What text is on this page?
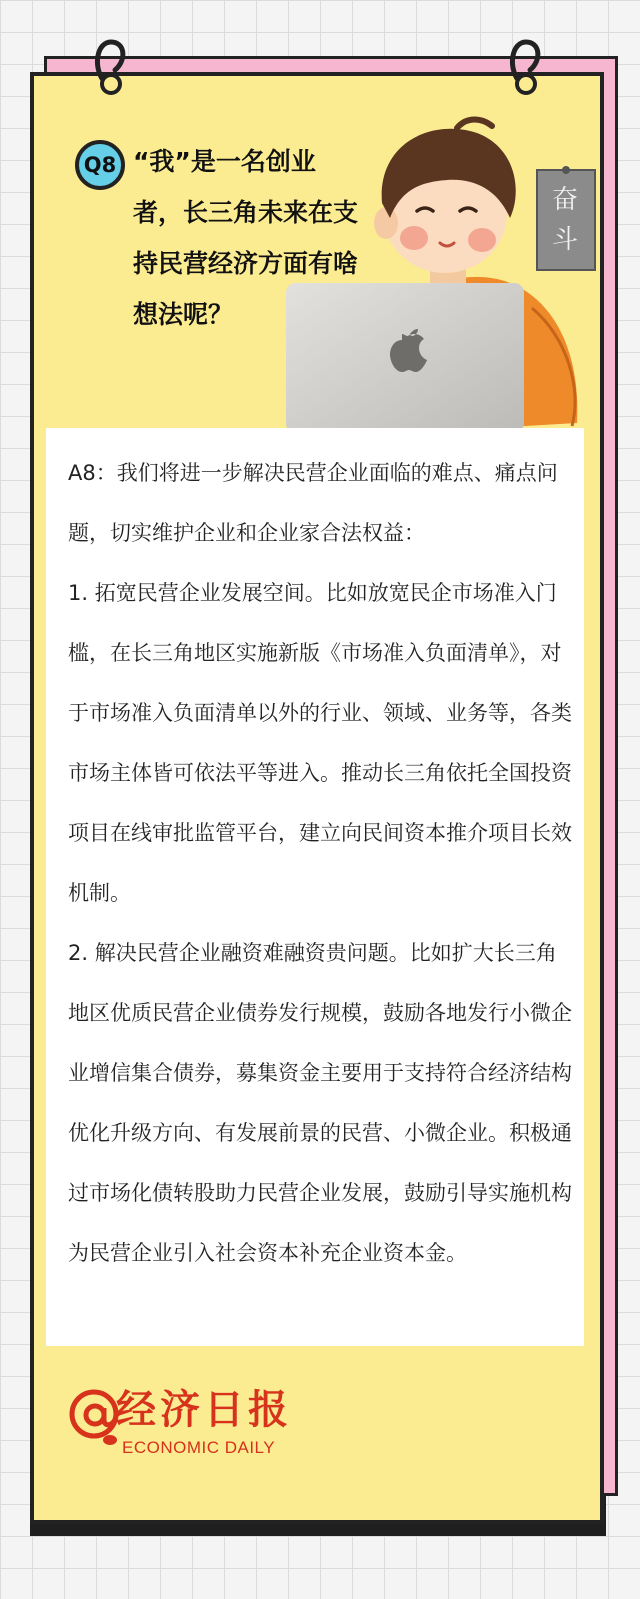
Q8 “我”是一名创业者，长三角未来在支持民营经济方面有啥想法呢？
奋斗

A8：我们将进一步解决民营企业面临的难点、痛点问题，切实维护企业和企业家合法权益：

1. 拓宽民营企业发展空间。比如放宽民企市场准入门槛，在长三角地区实施新版《市场准入负面清单》，对于市场准入负面清单以外的行业、领域、业务等，各类市场主体皆可依法平等进入。推动长三角依托全国投资项目在线审批监管平台，建立向民间资本推介项目长效机制。

2. 解决民营企业融资难融资贵问题。比如扩大长三角地区优质民营企业债券发行规模，鼓励各地发行小微企业增信集合债券，募集资金主要用于支持符合经济结构优化升级方向、有发展前景的民营、小微企业。积极通过市场化债转股助力民营企业发展，鼓励引导实施机构为民营企业引入社会资本补充企业资本金。

经济日报
ECONOMIC DAILY
